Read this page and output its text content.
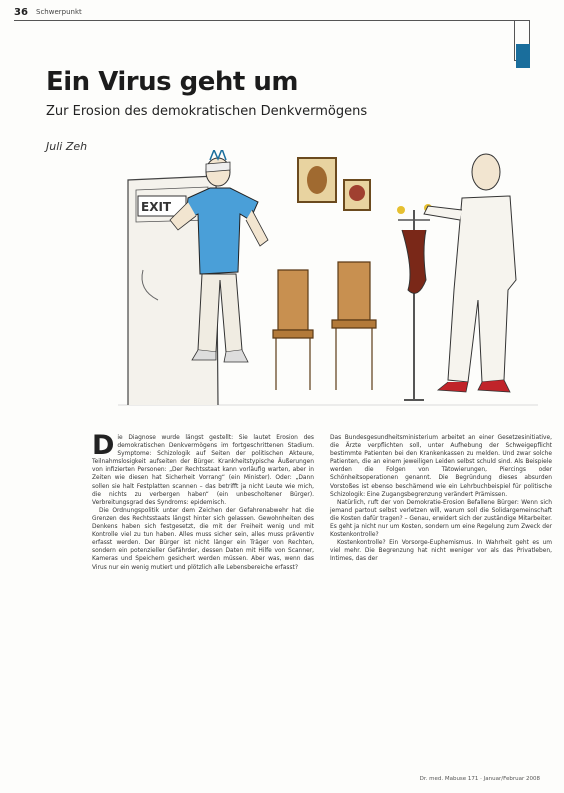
36 Schwerpunkt
Ein Virus geht um
Zur Erosion des demokratischen Denkvermögens
Juli Zeh
EXIT

Die Diagnose wurde längst gestellt: Sie lautet Erosion des demokratischen Denkvermögens im fortgeschrittenen Stadium. Symptome: Schizologik auf Seiten der politischen Akteure, Teilnahmslosigkeit aufseiten der Bürger. Krankheitstypische Äußerungen von infizierten Personen: „Der Rechtsstaat kann vorläufig warten, aber in Zeiten wie diesen hat Sicherheit Vorrang“ (ein Minister). Oder: „Dann sollen sie halt Festplatten scannen – das betrifft ja nicht Leute wie mich, die nichts zu verbergen haben“ (ein unbescholtener Bürger). Verbreitungsgrad des Syndroms: epidemisch.

Die Ordnungspolitik unter dem Zeichen der Gefahrenabwehr hat die Grenzen des Rechtsstaats längst hinter sich gelassen. Gewohnheiten des Denkens haben sich festgesetzt, die mit der Freiheit wenig und mit Kontrolle viel zu tun haben. Alles muss sicher sein, alles muss präventiv erfasst werden. Der Bürger ist nicht länger ein Träger von Rechten, sondern ein potenzieller Gefährder, dessen Daten mit Hilfe von Scanner, Kameras und Speichern gesichert werden müssen. Aber was, wenn das Virus nur ein wenig mutiert und plötzlich alle Lebensbereiche erfasst?

Das Bundesgesundheitsministerium arbeitet an einer Gesetzesinitiative, die Ärzte verpflichten soll, unter Aufhebung der Schweigepflicht bestimmte Patienten bei den Krankenkassen zu melden. Und zwar solche Patienten, die an einem jeweiligen Leiden selbst schuld sind. Als Beispiele werden die Folgen von Tätowierungen, Piercings oder Schönheitsoperationen genannt. Die Begründung dieses absurden Vorstoßes ist ebenso beschämend wie ein Lehrbuchbeispiel für politische Schizologik: Eine Zugangsbegrenzung verändert Prämissen.

Natürlich, ruft der von Demokratie-Erosion Befallene Bürger: Wenn sich jemand partout selbst verletzen will, warum soll die Solidargemeinschaft die Kosten dafür tragen? – Genau, erwidert sich der zuständige Mitarbeiter. Es geht ja nicht nur um Kosten, sondern um eine Regelung zum Zweck der Kostenkontrolle?

Kostenkontrolle? Ein Vorsorge-Euphemismus. In Wahrheit geht es um viel mehr. Die Begrenzung hat nicht weniger vor als das Privatleben, Intimes, das der

Dr. med. Mabuse 171 · Januar/Februar 2008
